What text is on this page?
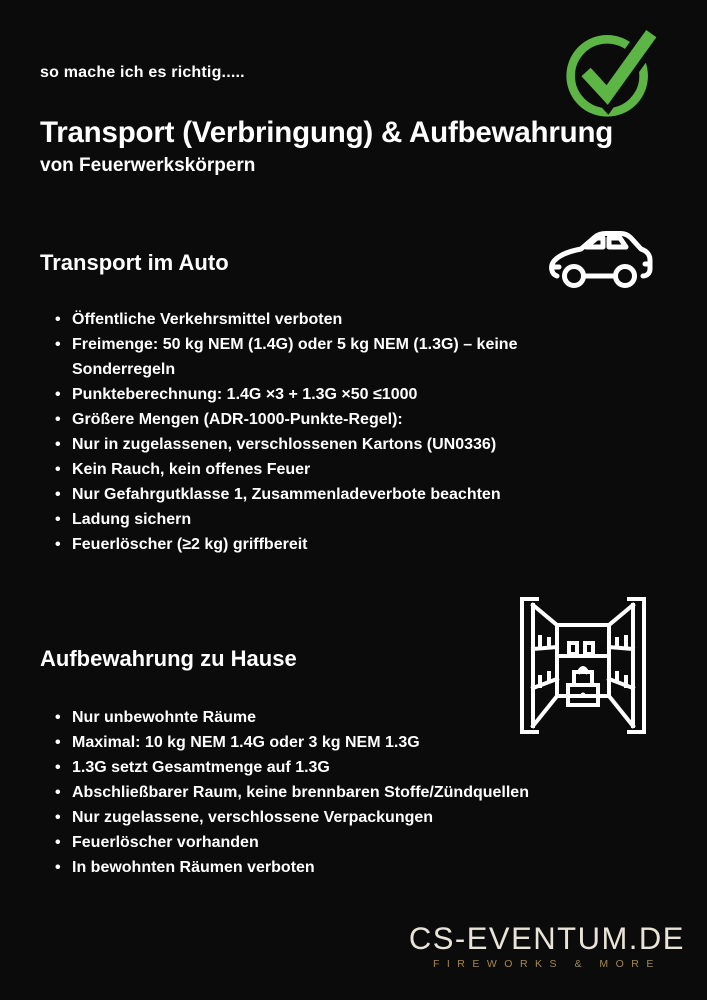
so mache ich es richtig.....
Transport (Verbringung) & Aufbewahrung
von Feuerwerkskörpern
Transport im Auto
• Öffentliche Verkehrsmittel verboten
• Freimenge: 50 kg NEM (1.4G) oder 5 kg NEM (1.3G) – keine Sonderregeln
• Punkteberechnung: 1.4G ×3 + 1.3G ×50 ≤1000
• Größere Mengen (ADR-1000-Punkte-Regel):
• Nur in zugelassenen, verschlossenen Kartons (UN0336)
• Kein Rauch, kein offenes Feuer
• Nur Gefahrgutklasse 1, Zusammenladeverbote beachten
• Ladung sichern
• Feuerlöscher (≥2 kg) griffbereit
Aufbewahrung zu Hause
• Nur unbewohnte Räume
• Maximal: 10 kg NEM 1.4G oder 3 kg NEM 1.3G
• 1.3G setzt Gesamtmenge auf 1.3G
• Abschließbarer Raum, keine brennbaren Stoffe/Zündquellen
• Nur zugelassene, verschlossene Verpackungen
• Feuerlöscher vorhanden
• In bewohnten Räumen verboten
CS-EVENTUM.DE
FIREWORKS & MORE
